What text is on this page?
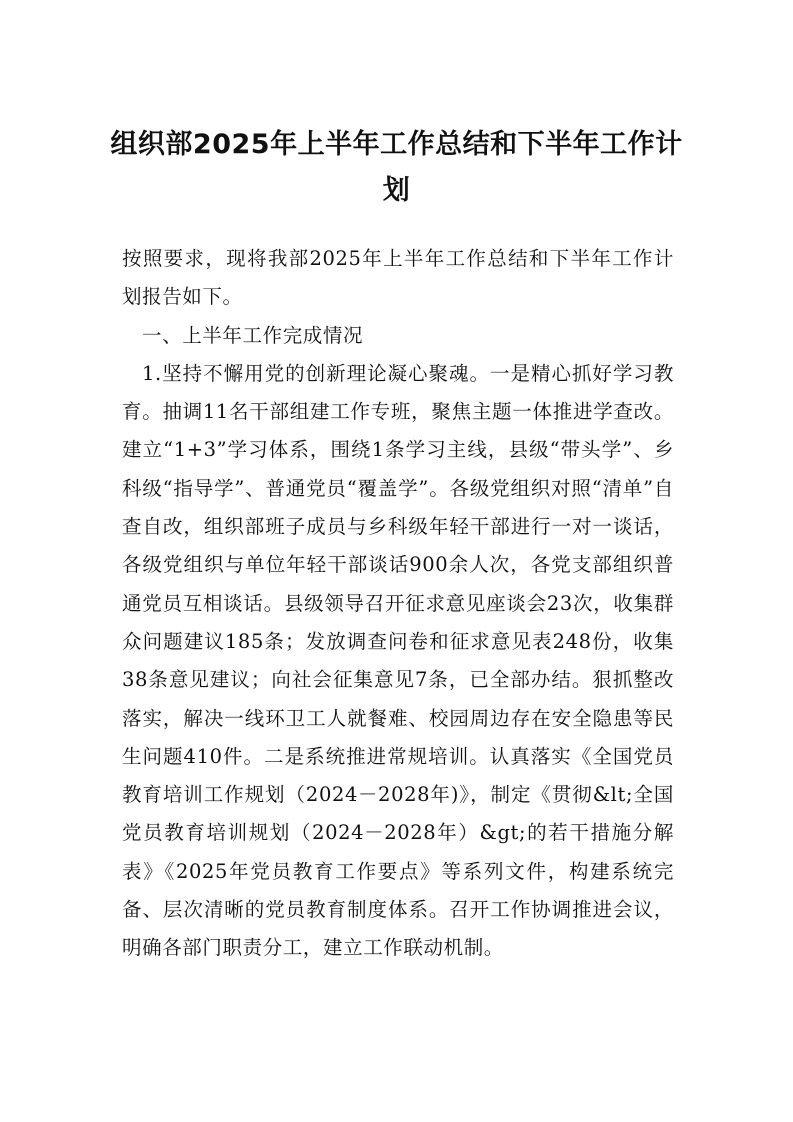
组织部2025年上半年工作总结和下半年工作计划

按照要求，现将我部2025年上半年工作总结和下半年工作计划报告如下。

一、上半年工作完成情况

1.坚持不懈用党的创新理论凝心聚魂。一是精心抓好学习教育。抽调11名干部组建工作专班，聚焦主题一体推进学查改。建立“1+3”学习体系，围绕1条学习主线，县级“带头学”、乡科级“指导学”、普通党员“覆盖学”。各级党组织对照“清单”自查自改，组织部班子成员与乡科级年轻干部进行一对一谈话，各级党组织与单位年轻干部谈话900余人次，各党支部组织普通党员互相谈话。县级领导召开征求意见座谈会23次，收集群众问题建议185条；发放调查问卷和征求意见表248份，收集38条意见建议；向社会征集意见7条，已全部办结。狠抓整改落实，解决一线环卫工人就餐难、校园周边存在安全隐患等民生问题410件。二是系统推进常规培训。认真落实《全国党员教育培训工作规划（2024－2028年)》，制定《贯彻&lt;全国党员教育培训规划（2024－2028年）&gt;的若干措施分解表》《2025年党员教育工作要点》等系列文件，构建系统完备、层次清晰的党员教育制度体系。召开工作协调推进会议，明确各部门职责分工，建立工作联动机制。
